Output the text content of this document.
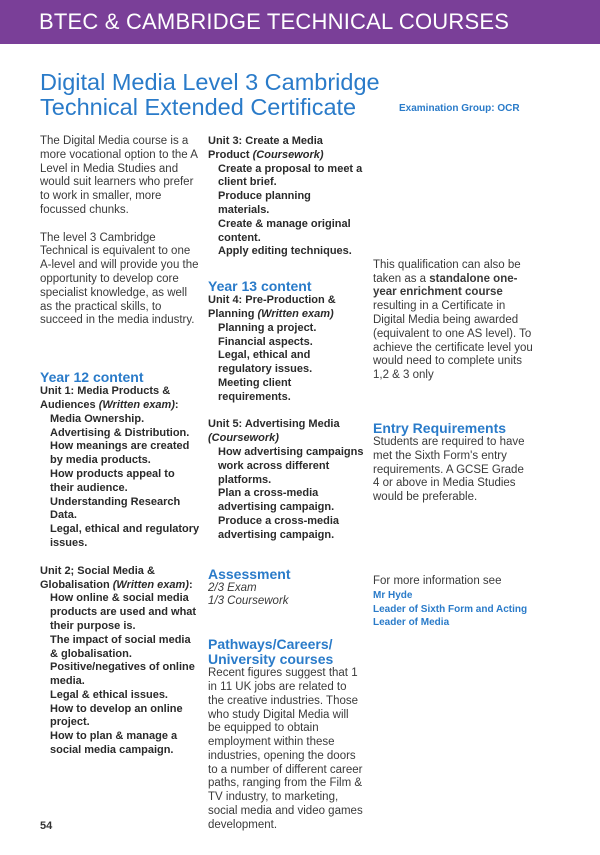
BTEC & CAMBRIDGE TECHNICAL COURSES
Digital Media Level 3 Cambridge
Technical Extended Certificate	Examination Group: OCR

The Digital Media course is a more vocational option to the A Level in Media Studies and would suit learners who prefer to work in smaller, more focussed chunks.

The level 3 Cambridge Technical is equivalent to one A-level and will provide you the opportunity to develop core specialist knowledge, as well as the practical skills, to succeed in the media industry.

Year 12 content
Unit 1: Media Products & Audiences (Written exam):
Media Ownership.
Advertising & Distribution.
How meanings are created by media products.
How products appeal to their audience.
Understanding Research Data.
Legal, ethical and regulatory issues.
Unit 2; Social Media & Globalisation (Written exam):
How online & social media products are used and what their purpose is.
The impact of social media & globalisation.
Positive/negatives of online media.
Legal & ethical issues.
How to develop an online project.
How to plan & manage a social media campaign.
Unit 3: Create a Media Product (Coursework)
Create a proposal to meet a client brief.
Produce planning materials.
Create & manage original content.
Apply editing techniques.
Year 13 content
Unit 4: Pre-Production & Planning (Written exam)
Planning a project.
Financial aspects.
Legal, ethical and regulatory issues.
Meeting client requirements.
Unit 5: Advertising Media (Coursework)
How advertising campaigns work across different platforms.
Plan a cross-media advertising campaign.
Produce a cross-media advertising campaign.
Assessment

2/3 Exam

1/3 Coursework

Pathways/Careers/ University courses

Recent figures suggest that 1 in 11 UK jobs are related to the creative industries. Those who study Digital Media will be equipped to obtain employment within these industries, opening the doors to a number of different career paths, ranging from the Film & TV industry, to marketing, social media and video games development.

This qualification can also be taken as a standalone one-year enrichment course resulting in a Certificate in Digital Media being awarded (equivalent to one AS level). To achieve the certificate level you would need to complete units 1,2 & 3 only

Entry Requirements

Students are required to have met the Sixth Form's entry requirements. A GCSE Grade 4 or above in Media Studies would be preferable.

For more information see

Mr Hyde
Leader of Sixth Form and Acting Leader of Media
54
